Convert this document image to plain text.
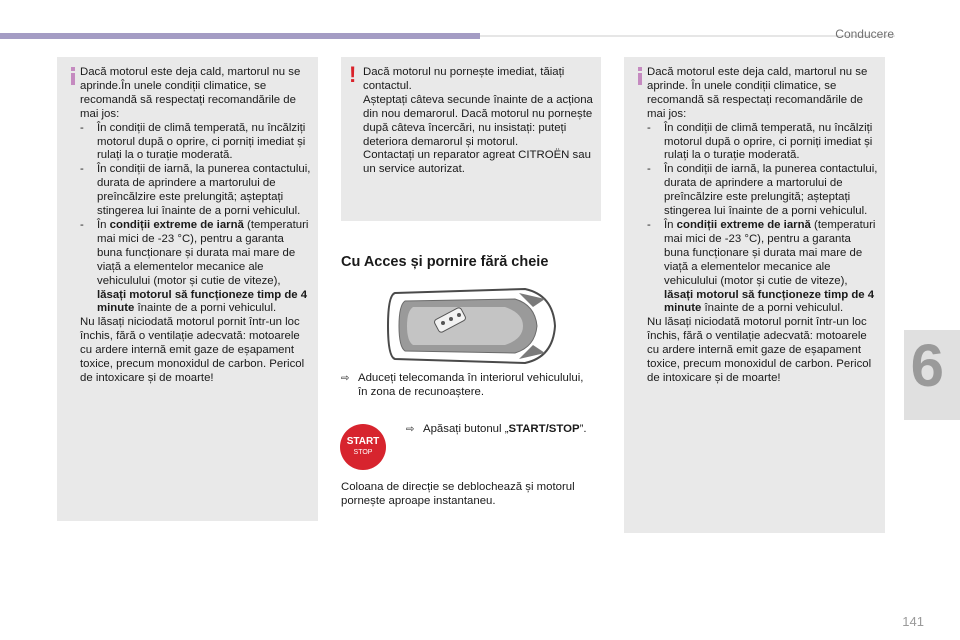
Conducere
6

Dacă motorul este deja cald, martorul nu se aprinde.În unele condiții climatice, se recomandă să respectați recomandările de mai jos:

- În condiții de climă temperată, nu încălziți motorul după o oprire, ci porniți imediat și rulați la o turație moderată.

- În condiții de iarnă, la punerea contactului, durata de aprindere a martorului de preîncălzire este prelungită; așteptați stingerea lui înainte de a porni vehiculul.

- În condiții extreme de iarnă (temperaturi mai mici de -23 °C), pentru a garanta buna funcționare și durata mai mare de viață a elementelor mecanice ale vehiculului (motor și cutie de viteze), lăsați motorul să funcționeze timp de 4 minute înainte de a porni vehiculul.

Nu lăsați niciodată motorul pornit într-un loc închis, fără o ventilație adecvată: motoarele cu ardere internă emit gaze de eșapament toxice, precum monoxidul de carbon. Pericol de intoxicare și de moarte!

! Dacă motorul nu pornește imediat, tăiați contactul.

Așteptați câteva secunde înainte de a acționa din nou demarorul. Dacă motorul nu pornește după câteva încercări, nu insistați: puteți deteriora demarorul și motorul.

Contactați un reparator agreat CITROËN sau un service autorizat.

Cu Acces și pornire fără cheie
⇨ Aduceți telecomanda în interiorul vehiculului, în zona de recunoaștere.

START
STOP
⇨ Apăsați butonul „START/STOP”.

Coloana de direcție se deblochează și motorul pornește aproape instantaneu.

Dacă motorul este deja cald, martorul nu se aprinde. În unele condiții climatice, se recomandă să respectați recomandările de mai jos:

- În condiții de climă temperată, nu încălziți motorul după o oprire, ci porniți imediat și rulați la o turație moderată.

- În condiții de iarnă, la punerea contactului, durata de aprindere a martorului de preîncălzire este prelungită; așteptați stingerea lui înainte de a porni vehiculul.

- În condiții extreme de iarnă (temperaturi mai mici de -23 °C), pentru a garanta buna funcționare și durata mai mare de viață a elementelor mecanice ale vehiculului (motor și cutie de viteze), lăsați motorul să funcționeze timp de 4 minute înainte de a porni vehiculul.

Nu lăsați niciodată motorul pornit într-un loc închis, fără o ventilație adecvată: motoarele cu ardere internă emit gaze de eșapament toxice, precum monoxidul de carbon. Pericol de intoxicare și de moarte!

141
